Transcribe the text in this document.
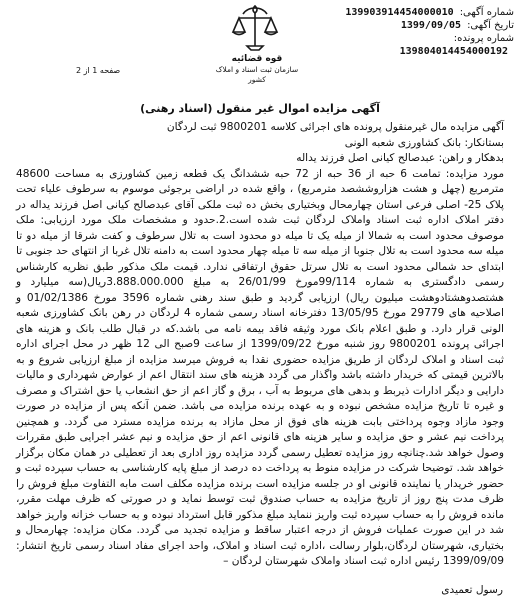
شماره آگهی:
139903914454000010
تاریخ آگهی:
1399/09/05
شماره پرونده:
139804014454000192
قوه قضائیه
سازمان ثبت اسناد و املاک کشور
صفحه 1 از 2
آگهی مزایده اموال غیر منقول (اسناد رهنی)

آگهی مزایده مال غیرمنقول پرونده های اجرائی کلاسه 9800201 ثبت لردگان

بستانکار: بانک کشاورزی شعبه الونی

بدهکار و راهن: عبدصالح کیانی اصل فرزند یداله

مورد مزایده: تمامت 6 حبه از 36 حبه از 72 حبه ششدانگ یک قطعه زمین کشاورزی به مساحت 48600 مترمربع (چهل و هشت هزاروششصد مترمربع) ، واقع شده در اراضی برجوئی موسوم به سرطوف علیاء تحت پلاک 25- اصلی فرعی استان چهارمحال وبختیاری بخش ده ثبت ملکی آقای عبدصالح کیانی اصل فرزند یداله در دفتر املاک اداره ثبت اسناد واملاک لردگان ثبت شده است.2.حدود و مشخصات ملک مورد ارزیابی: ملک موصوف محدود است به شمالا از میله یک تا میله دو محدود است به تلال سرطوف و کفت شرقا از میله دو تا میله سه محدود است به تلال جنوبا از میله سه تا میله چهار محدود است به دامنه تلال غربا از انتهای حد جنوبی تا ابتدای حد شمالی محدود است به تلال سرتل حقوق ارتفاقی ندارد. قیمت ملک مذکور طبق نظریه کارشناس رسمی دادگستری به شماره 99/114مورخ 26/01/99 به مبلغ 3.888.000.000ریال(سه میلیارد و هشتصدوهشتادوهشت میلیون ریال) ارزیابی گردید و طبق سند رهنی شماره 3596 مورخ 01/02/1386 و اصلاحیه های 29779 مورخ 13/05/95 دفترخانه اسناد رسمی شماره 4 لردگان در رهن بانک کشاورزی شعبه الونی قرار دارد. و طبق اعلام بانک مورد وثیقه فاقد بیمه نامه می باشد.که در قبال طلب بانک و هزینه های اجرائی پرونده 9800201 روز شنبه مورخ 1399/09/22 از ساعت 9صبح الی 12 ظهر در محل اجرای اداره ثبت اسناد و املاک لردگان از طریق مزایده حضوری نقدا به فروش میرسد مزایده از مبلغ ارزیابی شروع و به بالاترین قیمتی که خریدار داشته باشد واگذار می گردد هزینه های سند انتقال اعم از عوارض شهرداری و مالیات دارایی و دیگر ادارات ذیربط و بدهی های مربوط به آب ، برق و گاز اعم از حق انشعاب یا حق اشتراک و مصرف و غیره تا تاریخ مزایده مشخص نبوده و به عهده برنده مزایده می باشد. ضمن آنکه پس از مزایده در صورت وجود مازاد وجوه پرداختی بابت هزینه های فوق از محل مازاد به برنده مزایده مسترد می گردد. و همچنین پرداخت نیم عشر و حق مزایده و سایر هزینه های قانونی اعم از حق مزایده و نیم عشر اجرایی طبق مقررات وصول خواهد شد.چنانچه روز مزایده تعطیل رسمی گردد مزایده روز اداری بعد از تعطیلی در همان مکان برگزار خواهد شد. توضیحا شرکت در مزایده منوط به پرداخت ده درصد از مبلغ پایه کارشناسی به حساب سپرده ثبت و حضور خریدار یا نماینده قانونی او در جلسه مزایده است برنده مزایده مکلف است مابه التفاوت مبلغ فروش را ظرف مدت پنج روز از تاریخ مزایده به حساب صندوق ثبت توسط نماید و در صورتی که ظرف مهلت مقرر، مانده فروش را به حساب سپرده ثبت واریز ننماید مبلغ مذکور قابل استرداد نبوده و به حساب خزانه واریز خواهد شد در این صورت عملیات فروش از درجه اعتبار ساقط و مزایده تجدید می گردد. مکان مزایده: چهارمحال و بختیاری، شهرستان لردگان،بلوار رسالت ،اداره ثبت اسناد و املاک، واحد اجرای مفاد اسناد رسمی تاریخ انتشار: 1399/09/09 رئیس اداره ثبت اسناد واملاک شهرستان لردگان –

رسول تعمیدی
